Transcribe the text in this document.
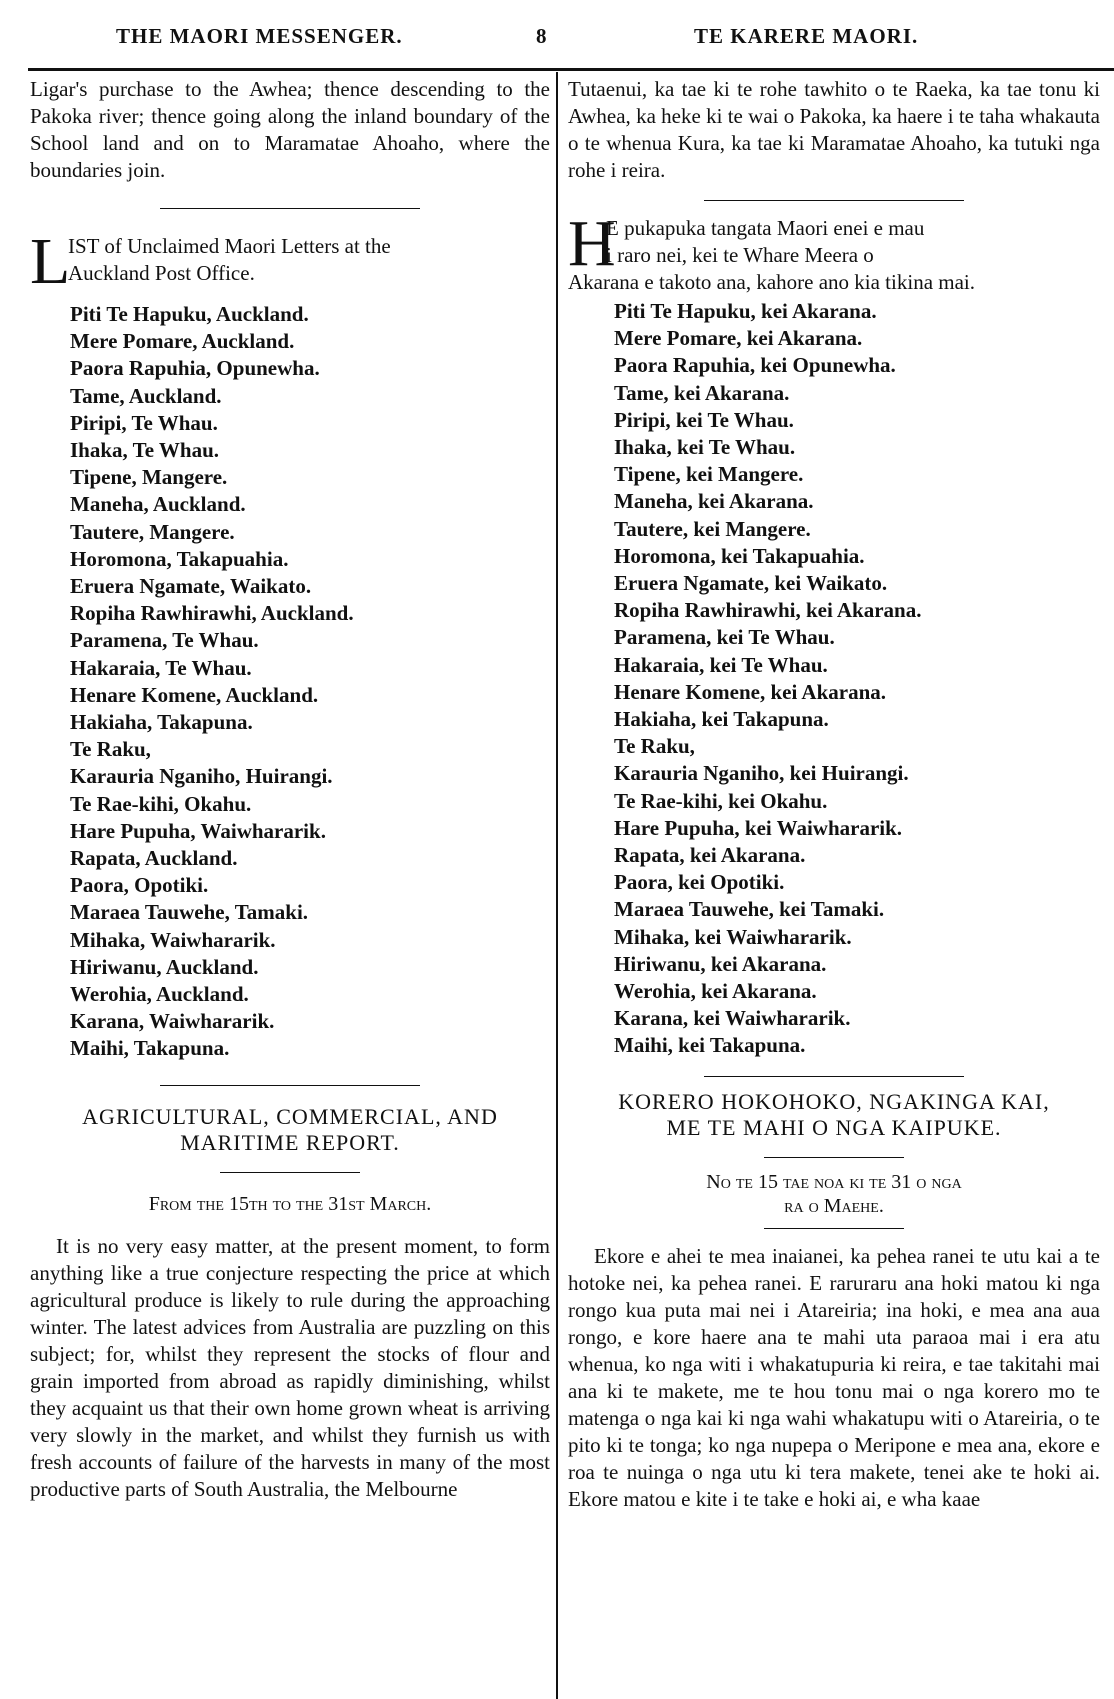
THE MAORI MESSENGER.	8	TE KARERE MAORI.

Ligar's purchase to the Awhea; thence descending to the Pakoka river; thence going along the inland boundary of the School land and on to Maramatae Ahoaho, where the boundaries join.

L
IST of Unclaimed Maori Letters at the
Auckland Post Office.
Piti Te Hapuku, Auckland.
Mere Pomare, Auckland.
Paora Rapuhia, Opunewha.
Tame, Auckland.
Piripi, Te Whau.
Ihaka, Te Whau.
Tipene, Mangere.
Maneha, Auckland.
Tautere, Mangere.
Horomona, Takapuahia.
Eruera Ngamate, Waikato.
Ropiha Rawhirawhi, Auckland.
Paramena, Te Whau.
Hakaraia, Te Whau.
Henare Komene, Auckland.
Hakiaha, Takapuna.
Te Raku,
Karauria Nganiho, Huirangi.
Te Rae-kihi, Okahu.
Hare Pupuha, Waiwhararik.
Rapata, Auckland.
Paora, Opotiki.
Maraea Tauwehe, Tamaki.
Mihaka, Waiwhararik.
Hiriwanu, Auckland.
Werohia, Auckland.
Karana, Waiwhararik.
Maihi, Takapuna.
AGRICULTURAL, COMMERCIAL, AND
MARITIME REPORT.
From the 15th to the 31st March.

It is no very easy matter, at the present moment, to form anything like a true conjecture respecting the price at which agricultural produce is likely to rule during the approaching winter. The latest advices from Australia are puzzling on this subject; for, whilst they represent the stocks of flour and grain imported from abroad as rapidly diminishing, whilst they acquaint us that their own home grown wheat is arriving very slowly in the market, and whilst they furnish us with fresh accounts of failure of the harvests in many of the most productive parts of South Australia, the Melbourne

Tutaenui, ka tae ki te rohe tawhito o te Raeka, ka tae tonu ki Awhea, ka heke ki te wai o Pakoka, ka haere i te taha whakauta o te whenua Kura, ka tae ki Maramatae Ahoaho, ka tutuki nga rohe i reira.

H
E pukapuka tangata Maori enei e mau
i raro nei, kei te Whare Meera o
Akarana e takoto ana, kahore ano kia tikina mai.
Piti Te Hapuku, kei Akarana.
Mere Pomare, kei Akarana.
Paora Rapuhia, kei Opunewha.
Tame, kei Akarana.
Piripi, kei Te Whau.
Ihaka, kei Te Whau.
Tipene, kei Mangere.
Maneha, kei Akarana.
Tautere, kei Mangere.
Horomona, kei Takapuahia.
Eruera Ngamate, kei Waikato.
Ropiha Rawhirawhi, kei Akarana.
Paramena, kei Te Whau.
Hakaraia, kei Te Whau.
Henare Komene, kei Akarana.
Hakiaha, kei Takapuna.
Te Raku,
Karauria Nganiho, kei Huirangi.
Te Rae-kihi, kei Okahu.
Hare Pupuha, kei Waiwhararik.
Rapata, kei Akarana.
Paora, kei Opotiki.
Maraea Tauwehe, kei Tamaki.
Mihaka, kei Waiwhararik.
Hiriwanu, kei Akarana.
Werohia, kei Akarana.
Karana, kei Waiwhararik.
Maihi, kei Takapuna.
KORERO HOKOHOKO, NGAKINGA KAI,
ME TE MAHI O NGA KAIPUKE.
No te 15 tae noa ki te 31 o nga
ra o Maehe.

Ekore e ahei te mea inaianei, ka pehea ranei te utu kai a te hotoke nei, ka pehea ranei. E raruraru ana hoki matou ki nga rongo kua puta mai nei i Atareiria; ina hoki, e mea ana aua rongo, e kore haere ana te mahi uta paraoa mai i era atu whenua, ko nga witi i whakatupuria ki reira, e tae takitahi mai ana ki te makete, me te hou tonu mai o nga korero mo te matenga o nga kai ki nga wahi whakatupu witi o Atareiria, o te pito ki te tonga; ko nga nupepa o Meripone e mea ana, ekore e roa te nuinga o nga utu ki tera makete, tenei ake te hoki ai. Ekore matou e kite i te take e hoki ai, e wha kaae
